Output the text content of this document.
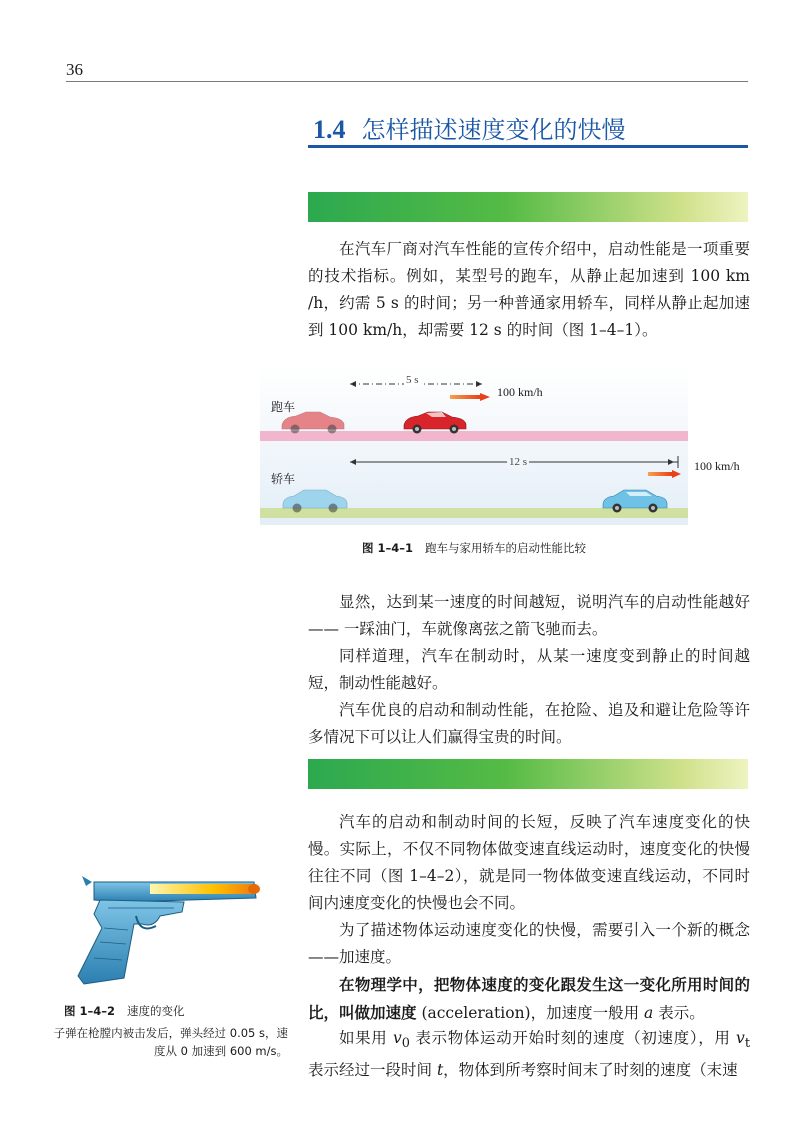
36
1.4 怎样描述速度变化的快慢

在汽车厂商对汽车性能的宣传介绍中，启动性能是一项重要的技术指标。例如，某型号的跑车，从静止起加速到 100 km /h，约需 5 s 的时间；另一种普通家用轿车，同样从静止起加速到 100 km/h，却需要 12 s 的时间（图 1–4–1）。

跑车
轿车
5 s
12 s
100 km/h
100 km/h
图 1–4–1 跑车与家用轿车的启动性能比较

显然，达到某一速度的时间越短，说明汽车的启动性能越好 —— 一踩油门，车就像离弦之箭飞驰而去。

同样道理，汽车在制动时，从某一速度变到静止的时间越短，制动性能越好。

汽车优良的启动和制动性能，在抢险、追及和避让危险等许多情况下可以让人们赢得宝贵的时间。

汽车的启动和制动时间的长短，反映了汽车速度变化的快慢。实际上，不仅不同物体做变速直线运动时，速度变化的快慢往往不同（图 1–4–2），就是同一物体做变速直线运动，不同时间内速度变化的快慢也会不同。

为了描述物体运动速度变化的快慢，需要引入一个新的概念——加速度。

在物理学中，把物体速度的变化跟发生这一变化所用时间的比，叫做加速度 (acceleration)，加速度一般用 a 表示。

如果用 $v_0$ 表示物体运动开始时刻的速度（初速度），用 $v_t$ 表示经过一段时间 t，物体到所考察时间末了时刻的速度（末速

图 1–4–2 速度的变化
子弹在枪膛内被击发后，弹头经过 0.05 s，速度从 0 加速到 600 m/s。
